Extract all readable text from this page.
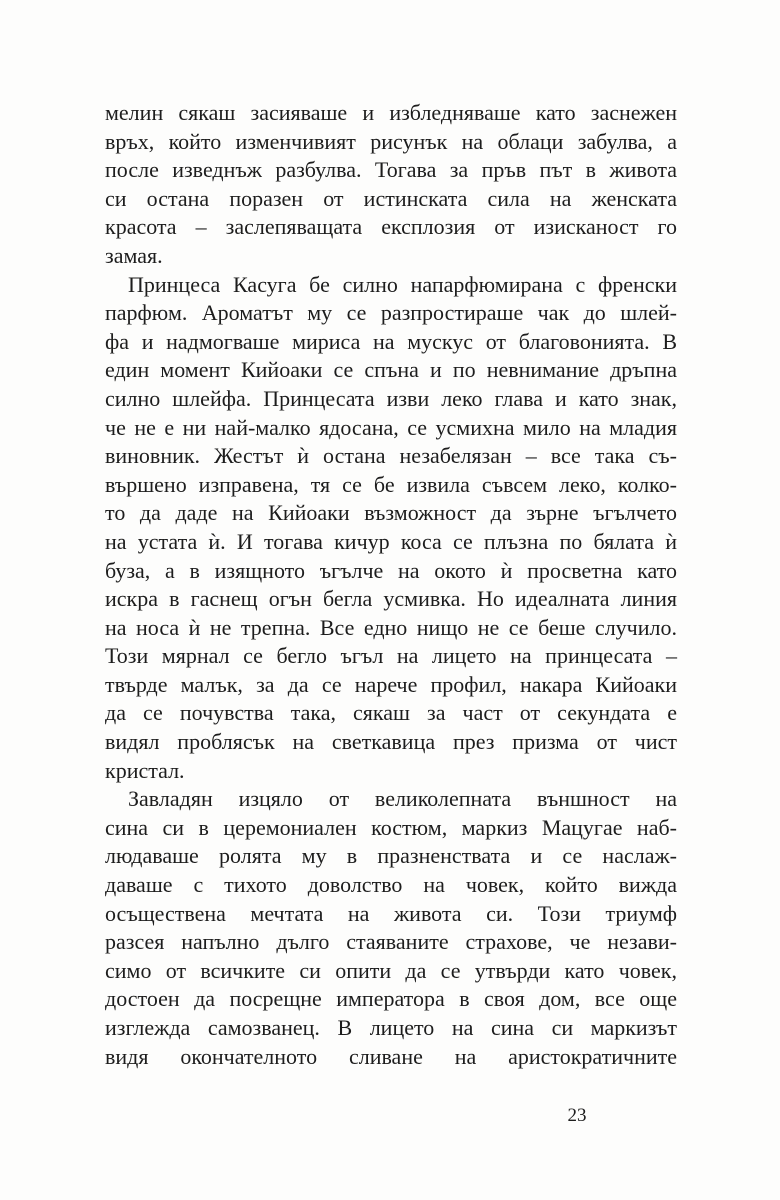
мелин сякаш засияваше и избледняваше като заснежен
връх, който изменчивият рисунък на облаци забулва, а
после изведнъж разбулва. Тогава за пръв път в живота
си остана поразен от истинската сила на женската
красота – заслепяващата експлозия от изисканост го
замая.
Принцеса Касуга бе силно напарфюмирана с френски
парфюм. Ароматът му се разпростираше чак до шлей-
фа и надмогваше мириса на мускус от благовонията. В
един момент Кийоаки се спъна и по невнимание дръпна
силно шлейфа. Принцесата изви леко глава и като знак,
че не е ни най-малко ядосана, се усмихна мило на младия
виновник. Жестът ѝ остана незабелязан – все така съ-
вършено изправена, тя се бе извила съвсем леко, колко-
то да даде на Кийоаки възможност да зърне ъгълчето
на устата ѝ. И тогава кичур коса се плъзна по бялата ѝ
буза, а в изящното ъгълче на окото ѝ просветна като
искра в гаснещ огън бегла усмивка. Но идеалната линия
на носа ѝ не трепна. Все едно нищо не се беше случило.
Този мярнал се бегло ъгъл на лицето на принцесата –
твърде малък, за да се нарече профил, накара Кийоаки
да се почувства така, сякаш за част от секундата е
видял проблясък на светкавица през призма от чист
кристал.
Завладян изцяло от великолепната външност на
сина си в церемониален костюм, маркиз Мацугае наб-
людаваше ролята му в празненствата и се наслаж-
даваше с тихото доволство на човек, който вижда
осъществена мечтата на живота си. Този триумф
разсея напълно дълго стаяваните страхове, че незави-
симо от всичките си опити да се утвърди като човек,
достоен да посрещне императора в своя дом, все още
изглежда самозванец. В лицето на сина си маркизът
видя окончателното сливане на аристократичните
23
